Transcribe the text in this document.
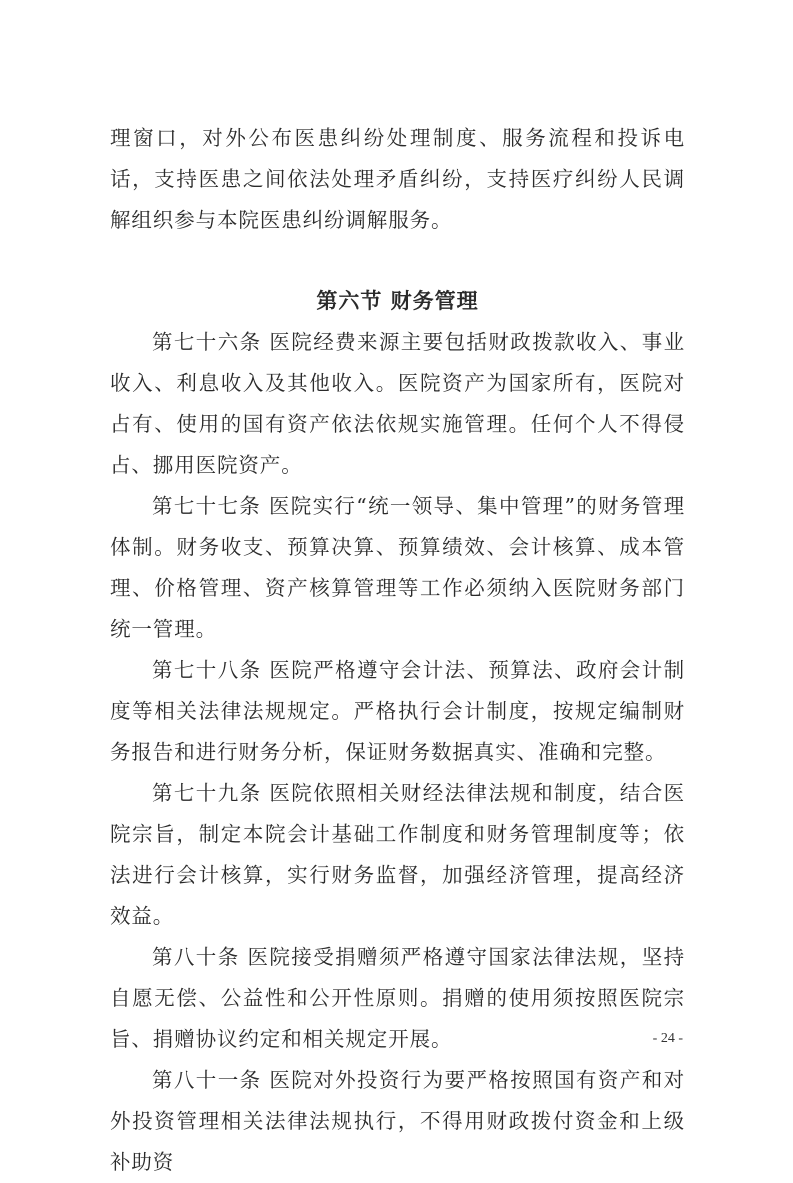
理窗口，对外公布医患纠纷处理制度、服务流程和投诉电话，支持医患之间依法处理矛盾纠纷，支持医疗纠纷人民调解组织参与本院医患纠纷调解服务。

第六节 财务管理

第七十六条 医院经费来源主要包括财政拨款收入、事业收入、利息收入及其他收入。医院资产为国家所有，医院对占有、使用的国有资产依法依规实施管理。任何个人不得侵占、挪用医院资产。

第七十七条 医院实行“统一领导、集中管理”的财务管理体制。财务收支、预算决算、预算绩效、会计核算、成本管理、价格管理、资产核算管理等工作必须纳入医院财务部门统一管理。

第七十八条 医院严格遵守会计法、预算法、政府会计制度等相关法律法规规定。严格执行会计制度，按规定编制财务报告和进行财务分析，保证财务数据真实、准确和完整。

第七十九条 医院依照相关财经法律法规和制度，结合医院宗旨，制定本院会计基础工作制度和财务管理制度等；依法进行会计核算，实行财务监督，加强经济管理，提高经济效益。

第八十条 医院接受捐赠须严格遵守国家法律法规，坚持自愿无偿、公益性和公开性原则。捐赠的使用须按照医院宗旨、捐赠协议约定和相关规定开展。

第八十一条 医院对外投资行为要严格按照国有资产和对外投资管理相关法律法规执行，不得用财政拨付资金和上级补助资

- 24 -
